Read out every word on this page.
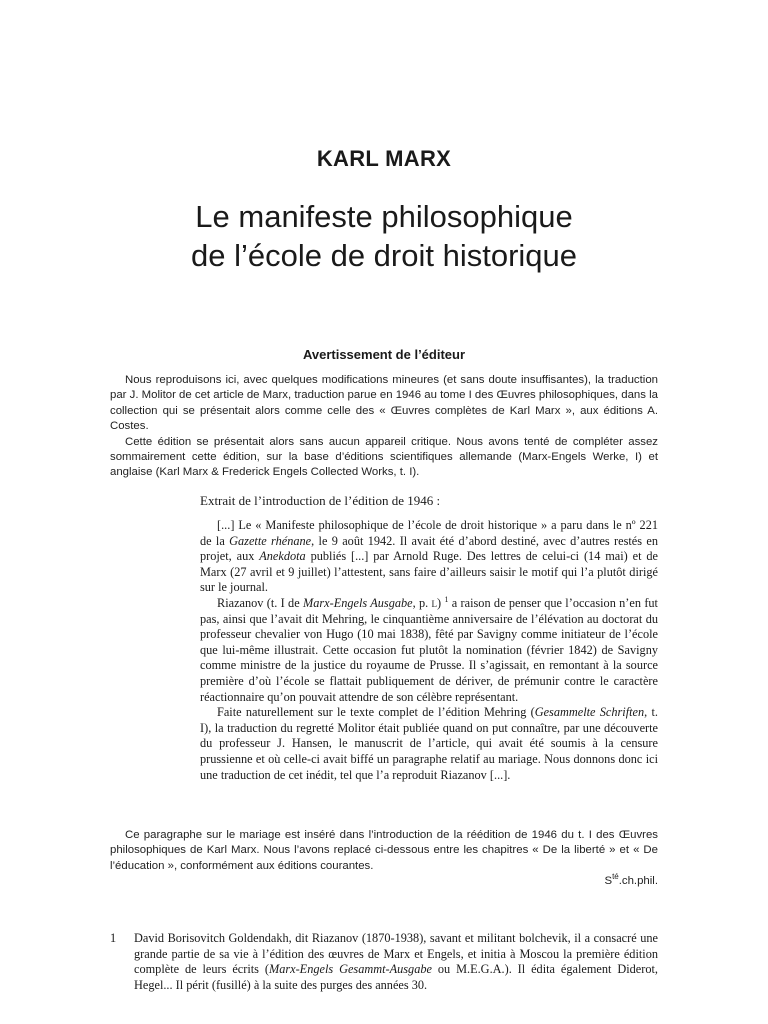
KARL MARX
Le manifeste philosophique
de l’école de droit historique
Avertissement de l’éditeur

Nous reproduisons ici, avec quelques modifications mineures (et sans doute insuffisantes), la traduction par J. Molitor de cet article de Marx, traduction parue en 1946 au tome I des Œuvres philosophiques, dans la collection qui se présentait alors comme celle des « Œuvres complètes de Karl Marx », aux éditions A. Costes.

Cette édition se présentait alors sans aucun appareil critique. Nous avons tenté de compléter assez sommairement cette édition, sur la base d’éditions scientifiques allemande (Marx-Engels Werke, I) et anglaise (Karl Marx & Frederick Engels Collected Works, t. I).

Extrait de l’introduction de l’édition de 1946 :

[...] Le « Manifeste philosophique de l’école de droit historique » a paru dans le nº 221 de la Gazette rhénane, le 9 août 1942. Il avait été d’abord destiné, avec d’autres restés en projet, aux Anekdota publiés [...] par Arnold Ruge. Des lettres de celui-ci (14 mai) et de Marx (27 avril et 9 juillet) l’attestent, sans faire d’ailleurs saisir le motif qui l’a plutôt dirigé sur le journal.

Riazanov (t. I de Marx-Engels Ausgabe, p. l) $^1$ a raison de penser que l’occasion n’en fut pas, ainsi que l’avait dit Mehring, le cinquantième anniversaire de l’élévation au doctorat du professeur chevalier von Hugo (10 mai 1838), fêté par Savigny comme initiateur de l’école que lui-même illustrait. Cette occasion fut plutôt la nomination (février 1842) de Savigny comme ministre de la justice du royaume de Prusse. Il s’agissait, en remontant à la source première d’où l’école se flattait publiquement de dériver, de prémunir contre le caractère réactionnaire qu’on pouvait attendre de son célèbre représentant.

Faite naturellement sur le texte complet de l’édition Mehring (Gesammelte Schriften, t. I), la traduction du regretté Molitor était publiée quand on put connaître, par une découverte du professeur J. Hansen, le manuscrit de l’article, qui avait été soumis à la censure prussienne et où celle-ci avait biffé un paragraphe relatif au mariage. Nous donnons donc ici une traduction de cet inédit, tel que l’a reproduit Riazanov [...].

Ce paragraphe sur le mariage est inséré dans l’introduction de la réédition de 1946 du t. I des Œuvres philosophiques de Karl Marx. Nous l’avons replacé ci-dessous entre les chapitres « De la liberté » et « De l’éducation », conformément aux éditions courantes.

$S^{té}.ch.phil$.
1 David Borisovitch Goldendakh, dit Riazanov (1870-1938), savant et militant bolchevik, il a consacré une grande partie de sa vie à l’édition des œuvres de Marx et Engels, et initia à Moscou la première édition complète de leurs écrits (Marx-Engels Gesammt-Ausgabe ou M.E.G.A.). Il édita également Diderot, Hegel... Il périt (fusillé) à la suite des purges des années 30.
